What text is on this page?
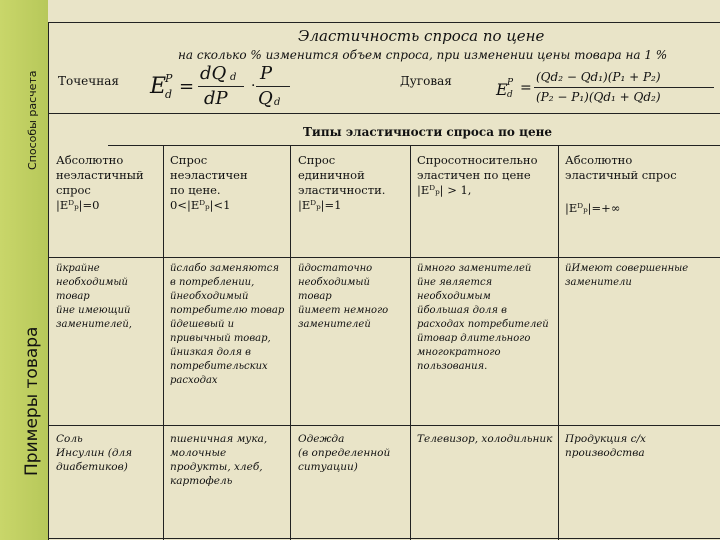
Способы расчета
Примеры товара
Эластичность спроса по цене
на сколько % изменится объем спроса, при изменении цены товара на 1 %
Точечная	Дуговая
E
P
d =
dQ d
dP
·
P
Q d
E P
d =
(Qd₂ − Qd₁)(P₁ + P₂)
(P₂ − P₁)(Qd₁ + Qd₂)
Типы эластичности спроса по цене
Абсолютно
неэластичный
спрос
|Eᴰₚ|=0
Спрос
неэластичен
по цене.
0<|Eᴰₚ|<1
Спрос
единичной
эластичности.
|Eᴰₚ|=1
Спросотносительно
эластичен по цене
|Eᴰₚ| > 1,
Абсолютно
эластичный спрос
|Eᴰₚ|=+∞
üкрайне необходимый товар
üне имеющий заменителей,
üслабо заменяются в потреблении,
üнеобходимый потребителю товар
üдешевый и привычный товар,
üнизкая доля в потребительских расходах
üдостаточно необходимый товар
üимеет немного заменителей
üмного заменителей
üне является необходимым
üбольшая доля в расходах потребителей
üтовар длительного многократного пользования.
üИмеют совершенные заменители
Соль
Инсулин (для диабетиков)
пшеничная мука, молочные продукты, хлеб, картофель
Одежда
(в определенной ситуации)
Телевизор, холодильник Продукция с/х производства
